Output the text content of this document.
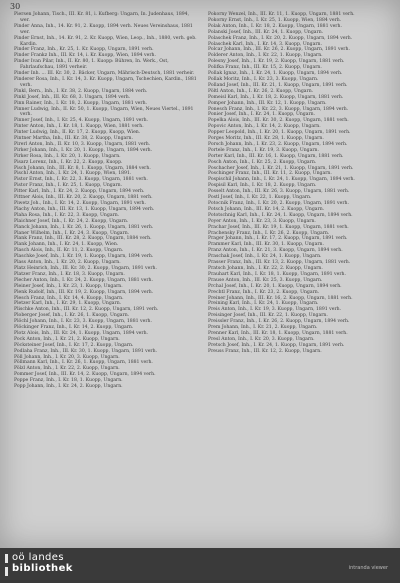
30

Piersen Johann, Tisch., III. Kr. 81, i. Kufberg: Ungarn, In. Judenhaus, 1894, wer.

Pinder Anna, Inh., 14. Kr. 91, 2. Kuopp, 1894 verh. Neues Vereinshaus, 1881 wer.

Pinder Ernst, Inh., 14. Kr. 91, 2. Kr. Kuopp, Wien, Leop., Inh., 1880, verh. geb. Kardin.

Pinder Franz, Inh., Kr. 25, 1. Kr. Kuopp, Ungarn, 1891 verh.

Pinder Frankz Inh., III. Kr. 14, i. Kr. Kuopp, Wien, 1894 verh.

Pinder Ivan Pilar, Inh., II. Kr. 80, 1. Kuopp: Bühren, In. Werk., Ost, Fahrlaufschau, 1891 verheir.

Pinder Inh. ... III. Kr. 30, 2. Bäcker, Ungarn, Mährisch-Deutsch, 1881 verheir.

Pinderer Rosa, Inh., I. Kr. 14, 3. Kr. Kuopp, Ungarn, Tschechien, Kardin., 1881 verh.

Pinkl, Bern., Inh., I. Kr. 38, 2. Kuopp, Ungarn, 1884 verh.

Pinkl Josef, Inh., III. Kr. 68, 3. Ungarn, 1894 verh.

Pinn Rainer, Inh., I. Kr. 18, 2. Kuopp, Ungarn, 1881 verh.

Pinner Ludwig, Inh., II. Kr. 50, 1. Kuopp, Ungarn, Wien, Neues Viertel., 1891 verh.

Pinner Josef, Inh., I. Kr. 25, 4. Kuopp, Ungarn, 1891 verh.

Pinter Anton, Inh., I. Kr. 18, 1. Kuopp, Wien, 1881 verh.

Pinter Ludwig, Inh., II. Kr. 17, 2. Kuopp, Kuopp, Wien.

Pintner Martha, Inh., III. Kr. 38, 2. Kuopp, Ungarn.

Pirerl Anton, Inh., II. Kr. 10, 3. Kuopp, Ungarn, 1881 verh.

Pirker Johann, Inh., I. Kr. 20, 1. Kuopp, Ungarn, 1894 verh.

Pirker Rosa, Inh., I. Kr. 20, 1. Kuopp, Ungarn.

Pisarz Lorenz, Inh., I. Kr. 22, 2. Kuopp, Kuopp.

Pisch Johann, Inh., III. Kr. 8, 1. Kuopp, Ungarn, 1884 verh.

Pischl Anton, Inh., I. Kr. 24, 1. Kuopp, Wien, 1891.

Pistor Ernst, Inh., I. Kr. 22, 3. Kuopp, Ungarn, 1881 verh.

Pistor Franz, Inh., I. Kr. 25, 1. Kuopp, Ungarn.

Pitter Karl, Inh., I. Kr. 24, 2. Kuopp, Ungarn, 1894 verh.

Pittner Alois, Inh., III. Kr. 20, 2. Kuopp, Ungarn, 1881 verh.

Piwetz Joh., Inh., I. Kr. 14, 2. Kuopp, Ungarn, 1891 verh.

Plachy Anton, Inh., III. Kr. 13, 1. Kuopp, Ungarn, 1894 verh.

Plaha Rosa, Inh., I. Kr. 22, 3. Kuopp, Ungarn.

Plaichner Josef, Inh., I. Kr. 24, 2. Kuopp, Ungarn.

Planck Johann, Inh., I. Kr. 26, 1. Kuopp, Ungarn, 1881 verh.

Planer Wilhelm, Inh., I. Kr. 24, 3. Kuopp, Ungarn.

Plank Franz, Inh., III. Kr. 28, 2. Kuopp, Ungarn, 1884 verh.

Plank Johann, Inh., I. Kr. 24, 1. Kuopp, Wien.

Plasch Alois, Inh., II. Kr. 11, 2. Kuopp, Ungarn.

Plaschke Josef, Inh., I. Kr. 19, 1. Kuopp, Ungarn, 1894 verh.

Plass Anton, Inh., I. Kr. 20, 2. Kuopp, Ungarn.

Platz Heinrich, Inh., III. Kr. 30, 2. Kuopp, Ungarn, 1891 verh.

Platzer Franz, Inh., I. Kr. 18, 3. Kuopp, Ungarn.

Plecher Anton, Inh., I. Kr. 24, 2. Kuopp, Ungarn, 1881 verh.

Pleiner Josef, Inh., I. Kr. 23, 1. Kuopp, Ungarn.

Plenk Rudolf, Inh., III. Kr. 19, 2. Kuopp, Ungarn, 1894 verh.

Plesch Franz, Inh., I. Kr. 14, 4. Kuopp, Ungarn.

Pletzer Karl, Inh., I. Kr. 29, 1. Kuopp, Ungarn.

Plischke Anton, Inh., III. Kr. 12, 2. Kuopp, Ungarn, 1891 verh.

Ploberger Josef, Inh., I. Kr. 26, 1. Kuopp, Ungarn.

Plöchl Johann, Inh., I. Kr. 23, 3. Kuopp, Ungarn, 1881 verh.

Plöckinger Franz, Inh., I. Kr. 14, 2. Kuopp, Ungarn.

Plotz Alois, Inh., III. Kr. 24, 1. Kuopp, Ungarn, 1894 verh.

Pock Anton, Inh., I. Kr. 21, 2. Kuopp, Ungarn.

Pöcksteiner Josef, Inh., I. Kr. 17, 2. Kuopp, Ungarn.

Podlaha Franz, Inh., III. Kr. 30, 1. Kuopp, Ungarn, 1891 verh.

Pöll Johann, Inh., I. Kr. 20, 3. Kuopp, Ungarn.

Pöllmann Karl, Inh., I. Kr. 26, 1. Kuopp, Ungarn, 1881 verh.

Pölzl Anton, Inh., I. Kr. 22, 2. Kuopp, Ungarn.

Pommer Josef, Inh., III. Kr. 14, 2. Kuopp, Ungarn, 1894 verh.

Poppe Franz, Inh., I. Kr. 18, 1. Kuopp, Ungarn.

Popp Johann, Inh., I. Kr. 24, 2. Kuopp, Ungarn.

Pokorny Wenzel, Inh., III. Kr. 11, 1. Kuopp, Ungarn, 1881 verh.

Pokorny Ernst, Inh., I. Kr. 25, 1. Kuopp, Wien, 1884 verh.

Polak Anton, Inh., I. Kr. 18, 2. Kuopp, Ungarn, 1881 verh.

Polanski Josef, Inh., III. Kr. 24, 1. Kuopp, Ungarn.

Polaschek Franz, Inh., I. Kr. 20, 2. Kuopp, Ungarn, 1894 verh.

Polaschek Karl, Inh., I. Kr. 14, 3. Kuopp, Ungarn.

Polcar Johann, Inh., III. Kr. 26, 2. Kuopp, Ungarn, 1891 verh.

Polderer Anton, Inh., I. Kr. 22, 1. Kuopp, Ungarn.

Polesny Josef, Inh., I. Kr. 19, 2. Kuopp, Ungarn, 1881 verh.

Polifka Franz, Inh., III. Kr. 15, 2. Kuopp, Ungarn.

Pollak Ignaz, Inh., I. Kr. 24, 1. Kuopp, Ungarn, 1894 verh.

Pollak Moritz, Inh., I. Kr. 23, 3. Kuopp, Ungarn.

Polland Josef, Inh., III. Kr. 21, 1. Kuopp, Ungarn, 1891 verh.

Pöltl Anton, Inh., I. Kr. 26, 2. Kuopp, Ungarn.

Pomeisl Karl, Inh., I. Kr. 18, 2. Kuopp, Ungarn, 1881 verh.

Pomper Johann, Inh., III. Kr. 12, 1. Kuopp, Ungarn.

Ponesch Franz, Inh., I. Kr. 22, 3. Kuopp, Ungarn, 1894 verh.

Ponier Josef, Inh., I. Kr. 24, 1. Kuopp, Ungarn.

Popelka Alois, Inh., III. Kr. 30, 2. Kuopp, Ungarn, 1881 verh.

Popovic Anton, Inh., I. Kr. 14, 2. Kuopp, Ungarn.

Popper Leopold, Inh., I. Kr. 20, 1. Kuopp, Ungarn, 1891 verh.

Porges Moritz, Inh., III. Kr. 28, 1. Kuopp, Ungarn.

Porsch Johann, Inh., I. Kr. 23, 2. Kuopp, Ungarn, 1894 verh.

Portele Franz, Inh., I. Kr. 19, 3. Kuopp, Ungarn.

Porter Karl, Inh., III. Kr. 16, 1. Kuopp, Ungarn, 1881 verh.

Posch Anton, Inh., I. Kr. 25, 2. Kuopp, Ungarn.

Poschacher Josef, Inh., I. Kr. 21, 1. Kuopp, Ungarn, 1891 verh.

Poschinger Franz, Inh., III. Kr. 11, 2. Kuopp, Ungarn.

Pospischil Johann, Inh., I. Kr. 24, 1. Kuopp, Ungarn, 1894 verh.

Pospisil Karl, Inh., I. Kr. 18, 2. Kuopp, Ungarn.

Posselt Anton, Inh., III. Kr. 26, 3. Kuopp, Ungarn, 1881 verh.

Postl Josef, Inh., I. Kr. 22, 1. Kuopp, Ungarn.

Potocnik Franz, Inh., I. Kr. 20, 2. Kuopp, Ungarn, 1891 verh.

Potsch Johann, Inh., III. Kr. 14, 2. Kuopp, Ungarn.

Pototschnig Karl, Inh., I. Kr. 24, 1. Kuopp, Ungarn, 1894 verh.

Poyer Anton, Inh., I. Kr. 23, 3. Kuopp, Ungarn.

Prachar Josef, Inh., III. Kr. 19, 1. Kuopp, Ungarn, 1881 verh.

Prachensky Franz, Inh., I. Kr. 26, 2. Kuopp, Ungarn.

Prager Johann, Inh., I. Kr. 17, 2. Kuopp, Ungarn, 1891 verh.

Prammer Karl, Inh., III. Kr. 30, 1. Kuopp, Ungarn.

Pranz Anton, Inh., I. Kr. 21, 3. Kuopp, Ungarn, 1894 verh.

Praschak Josef, Inh., I. Kr. 24, 1. Kuopp, Ungarn.

Prasser Franz, Inh., III. Kr. 13, 2. Kuopp, Ungarn, 1881 verh.

Pratsch Johann, Inh., I. Kr. 22, 2. Kuopp, Ungarn.

Prauhart Karl, Inh., I. Kr. 18, 1. Kuopp, Ungarn, 1891 verh.

Prause Anton, Inh., III. Kr. 25, 3. Kuopp, Ungarn.

Prchal Josef, Inh., I. Kr. 20, 1. Kuopp, Ungarn, 1894 verh.

Prechtl Franz, Inh., I. Kr. 23, 2. Kuopp, Ungarn.

Preiner Johann, Inh., III. Kr. 16, 2. Kuopp, Ungarn, 1881 verh.

Preining Karl, Inh., I. Kr. 24, 1. Kuopp, Ungarn.

Preis Anton, Inh., I. Kr. 19, 3. Kuopp, Ungarn, 1891 verh.

Preisinger Josef, Inh., III. Kr. 22, 1. Kuopp, Ungarn.

Preissler Franz, Inh., I. Kr. 26, 2. Kuopp, Ungarn, 1894 verh.

Prem Johann, Inh., I. Kr. 21, 2. Kuopp, Ungarn.

Prenner Karl, Inh., III. Kr. 18, 1. Kuopp, Ungarn, 1881 verh.

Presl Anton, Inh., I. Kr. 20, 3. Kuopp, Ungarn.

Pretsch Josef, Inh., I. Kr. 24, 1. Kuopp, Ungarn, 1891 verh.

Preuss Franz, Inh., III. Kr. 12, 2. Kuopp, Ungarn.

oö landes
bibliothek	intranda viewer
